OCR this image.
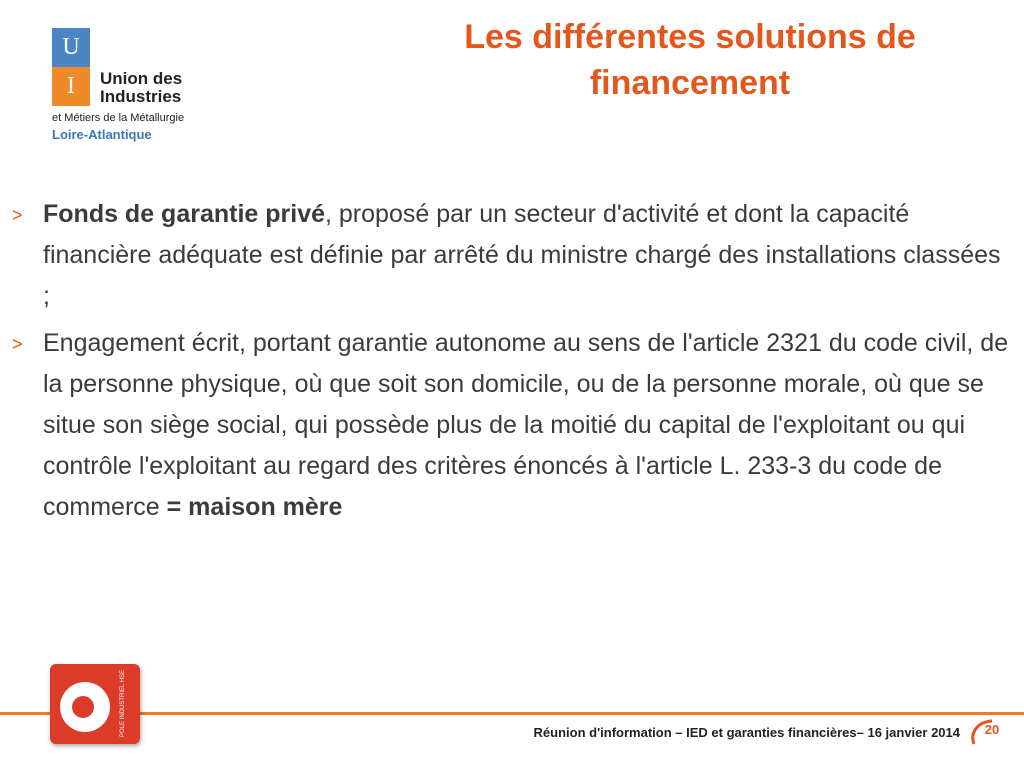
U
I	Union des
Industries
et Métiers de la Métallurgie
Loire-Atlantique
Les différentes solutions de
financement
> Fonds de garantie privé, proposé par un secteur d'activité et dont la capacité financière adéquate est définie par arrêté du ministre chargé des installations classées ;
> Engagement écrit, portant garantie autonome au sens de l'article 2321 du code civil, de la personne physique, où que soit son domicile, ou de la personne morale, où que se situe son siège social, qui possède plus de la moitié du capital de l'exploitant ou qui contrôle l'exploitant au regard des critères énoncés à l'article L. 233-3 du code de commerce = maison mère
PÔLE INDUSTRIEL HSE	Réunion d'information – IED et garanties financières– 16 janvier 2014	20
